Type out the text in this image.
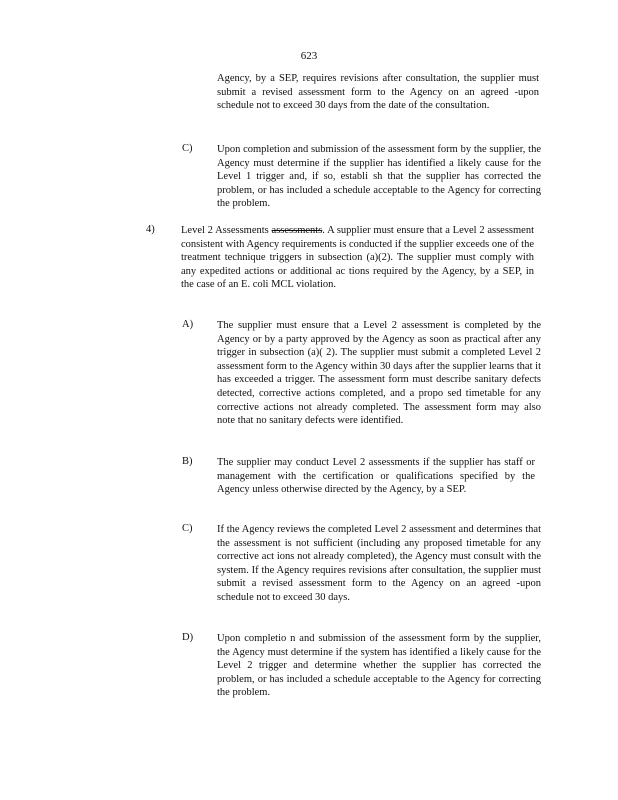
623
Agency, by a SEP, requires revisions after consultation, the supplier must submit a revised assessment form to the Agency on an agreed -upon schedule not to exceed 30 days from the date of the consultation.
C) Upon completion and submission of the assessment form by the supplier, the Agency must determine if the supplier has identified a likely cause for the Level 1 trigger and, if so, establi sh that the supplier has corrected the problem, or has included a schedule acceptable to the Agency for correcting the problem.
4)	Level 2 Assessments assessments. A supplier must ensure that a Level 2 assessment consistent with Agency requirements is conducted if the supplier exceeds one of the treatment technique triggers in subsection (a)(2). The supplier must comply with any expedited actions or additional ac tions required by the Agency, by a SEP, in the case of an E. coli MCL violation.
A) The supplier must ensure that a Level 2 assessment is completed by the Agency or by a party approved by the Agency as soon as practical after any trigger in subsection (a)( 2). The supplier must submit a completed Level 2 assessment form to the Agency within 30 days after the supplier learns that it has exceeded a trigger. The assessment form must describe sanitary defects detected, corrective actions completed, and a propo sed timetable for any corrective actions not already completed. The assessment form may also note that no sanitary defects were identified.
B) The supplier may conduct Level 2 assessments if the supplier has staff or management with the certification or qualifications specified by the Agency unless otherwise directed by the Agency, by a SEP.
C) If the Agency reviews the completed Level 2 assessment and determines that the assessment is not sufficient (including any proposed timetable for any corrective act ions not already completed), the Agency must consult with the system. If the Agency requires revisions after consultation, the supplier must submit a revised assessment form to the Agency on an agreed -upon schedule not to exceed 30 days.
D) Upon completio n and submission of the assessment form by the supplier, the Agency must determine if the system has identified a likely cause for the Level 2 trigger and determine whether the supplier has corrected the problem, or has included a schedule acceptable to the Agency for correcting the problem.
